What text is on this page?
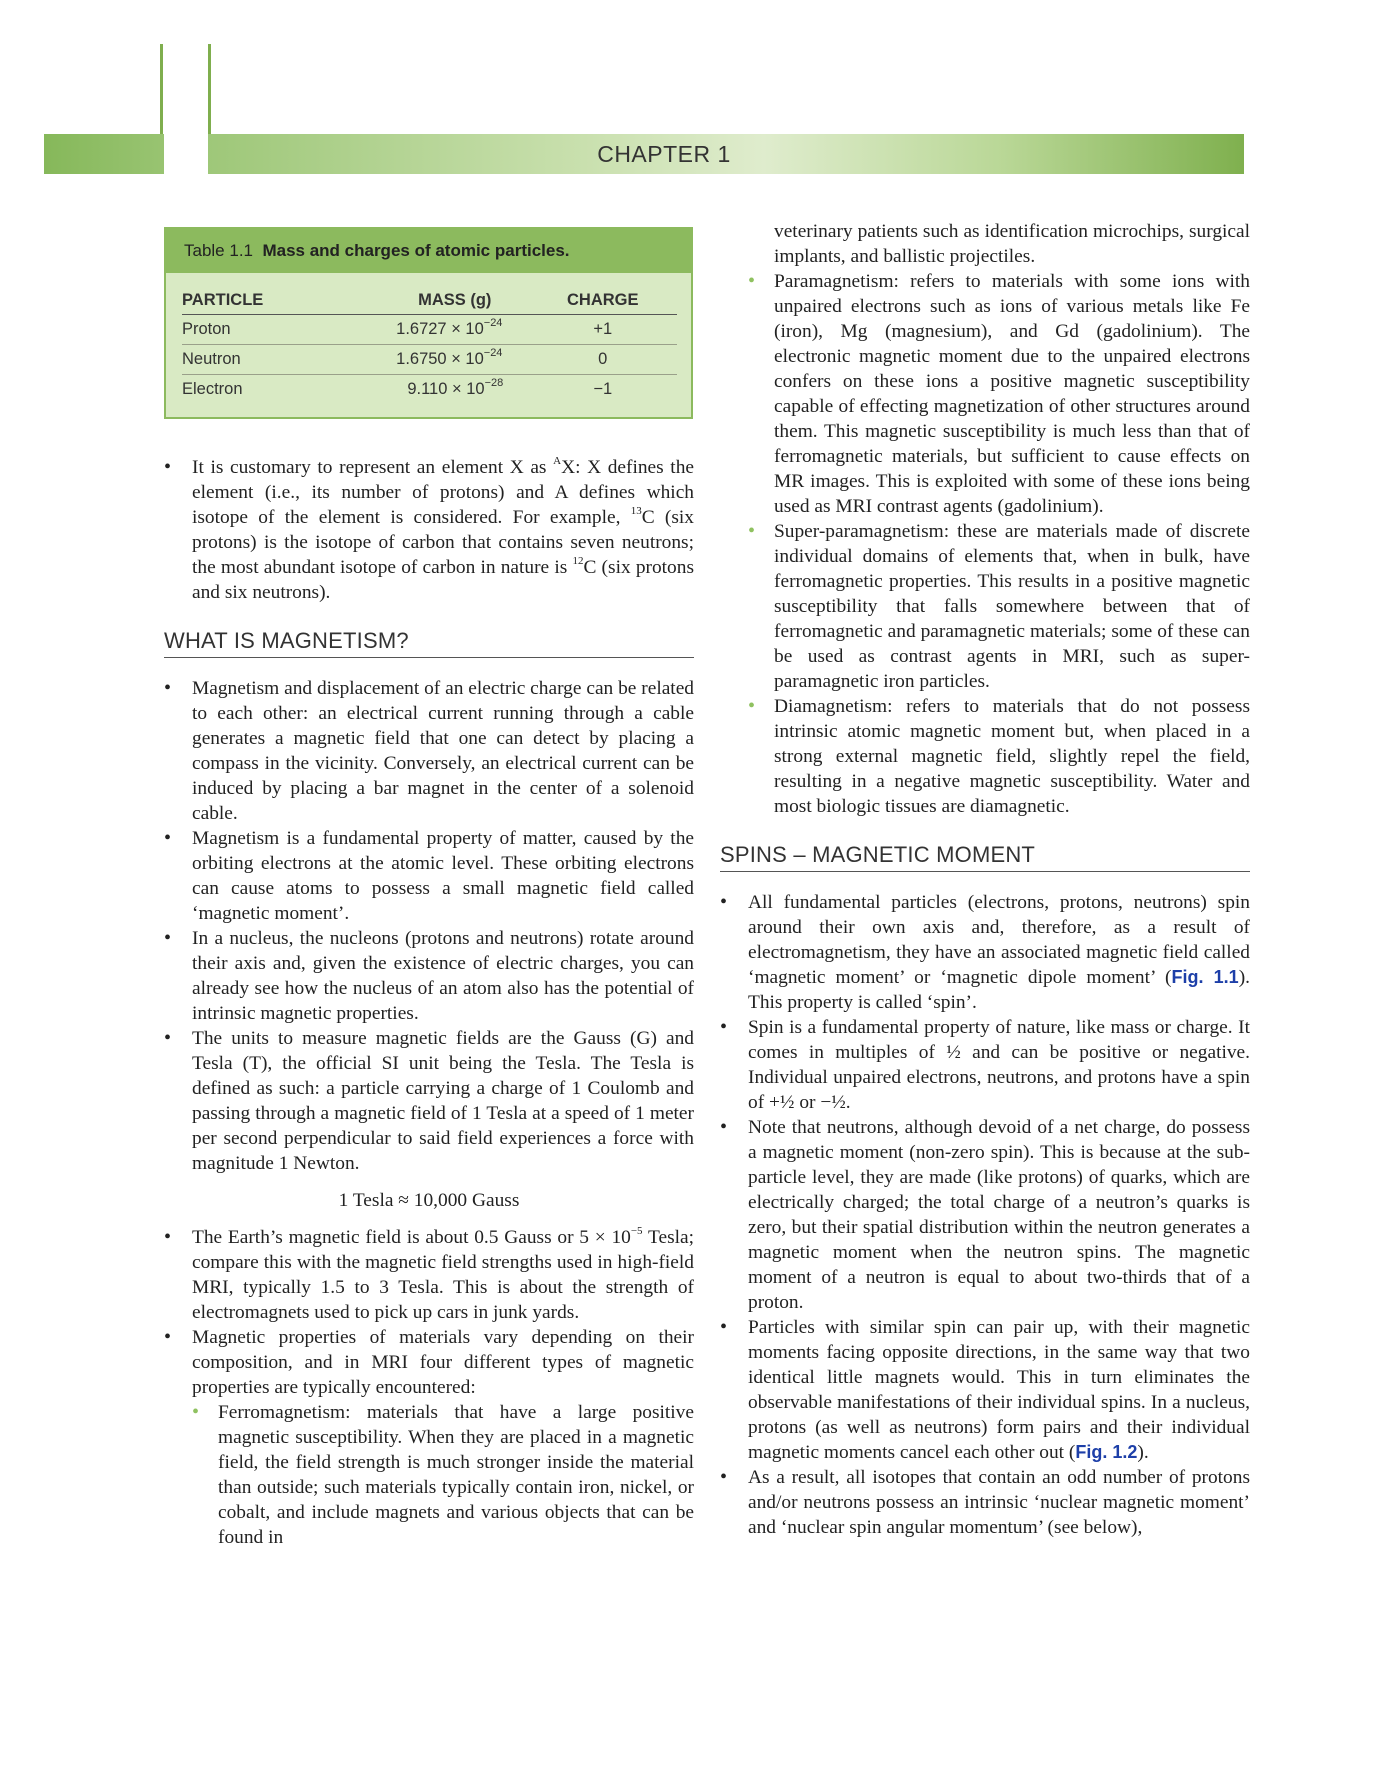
CHAPTER 1
Table 1.1 Mass and charges of atomic particles.
PARTICLE	MASS (g)	CHARGE
Proton	$1.6727 \times 10^{-24}$	+1
Neutron	$1.6750 \times 10^{-24}$	0
Electron	$9.110 \times 10^{-28}$	−1
• It is customary to represent an element X as $^A$X: X defines the element (i.e., its number of protons) and A defines which isotope of the element is considered. For example, $^{13}$C (six protons) is the isotope of carbon that contains seven neutrons; the most abundant isotope of carbon in nature is $^{12}$C (six protons and six neutrons).
WHAT IS MAGNETISM?
• Magnetism and displacement of an electric charge can be related to each other: an electrical current running through a cable generates a magnetic field that one can detect by placing a compass in the vicinity. Conversely, an electrical current can be induced by placing a bar magnet in the center of a solenoid cable.
• Magnetism is a fundamental property of matter, caused by the orbiting electrons at the atomic level. These orbiting electrons can cause atoms to possess a small magnetic field called ‘magnetic moment’.
• In a nucleus, the nucleons (protons and neutrons) rotate around their axis and, given the existence of electric charges, you can already see how the nucleus of an atom also has the potential of intrinsic magnetic properties.
• The units to measure magnetic fields are the Gauss (G) and Tesla (T), the official SI unit being the Tesla. The Tesla is defined as such: a particle carrying a charge of 1 Coulomb and passing through a magnetic field of 1 Tesla at a speed of 1 meter per second perpendicular to said field experiences a force with magnitude 1 Newton.
1 Tesla ≈ 10,000 Gauss
• The Earth’s magnetic field is about 0.5 Gauss or $5 \times 10^{-5}$ Tesla; compare this with the magnetic field strengths used in high-field MRI, typically 1.5 to 3 Tesla. This is about the strength of electromagnets used to pick up cars in junk yards.
• Magnetic properties of materials vary depending on their composition, and in MRI four different types of magnetic properties are typically encountered:
• Ferromagnetism: materials that have a large positive magnetic susceptibility. When they are placed in a magnetic field, the field strength is much stronger inside the material than outside; such materials typically contain iron, nickel, or cobalt, and include magnets and various objects that can be found in
veterinary patients such as identification microchips, surgical implants, and ballistic projectiles.
• Paramagnetism: refers to materials with some ions with unpaired electrons such as ions of various metals like Fe (iron), Mg (magnesium), and Gd (gadolinium). The electronic magnetic moment due to the unpaired electrons confers on these ions a positive magnetic susceptibility capable of effecting magnetization of other structures around them. This magnetic susceptibility is much less than that of ferromagnetic materials, but sufficient to cause effects on MR images. This is exploited with some of these ions being used as MRI contrast agents (gadolinium).
• Super-paramagnetism: these are materials made of discrete individual domains of elements that, when in bulk, have ferromagnetic properties. This results in a positive magnetic susceptibility that falls somewhere between that of ferromagnetic and paramagnetic materials; some of these can be used as contrast agents in MRI, such as super-paramagnetic iron particles.
• Diamagnetism: refers to materials that do not possess intrinsic atomic magnetic moment but, when placed in a strong external magnetic field, slightly repel the field, resulting in a negative magnetic susceptibility. Water and most biologic tissues are diamagnetic.
SPINS – MAGNETIC MOMENT
• All fundamental particles (electrons, protons, neutrons) spin around their own axis and, therefore, as a result of electromagnetism, they have an associated magnetic field called ‘magnetic moment’ or ‘magnetic dipole moment’ (Fig. 1.1). This property is called ‘spin’.
• Spin is a fundamental property of nature, like mass or charge. It comes in multiples of ½ and can be positive or negative. Individual unpaired electrons, neutrons, and protons have a spin of +½ or −½.
• Note that neutrons, although devoid of a net charge, do possess a magnetic moment (non-zero spin). This is because at the sub-particle level, they are made (like protons) of quarks, which are electrically charged; the total charge of a neutron’s quarks is zero, but their spatial distribution within the neutron generates a magnetic moment when the neutron spins. The magnetic moment of a neutron is equal to about two-thirds that of a proton.
• Particles with similar spin can pair up, with their magnetic moments facing opposite directions, in the same way that two identical little magnets would. This in turn eliminates the observable manifestations of their individual spins. In a nucleus, protons (as well as neutrons) form pairs and their individual magnetic moments cancel each other out (Fig. 1.2).
• As a result, all isotopes that contain an odd number of protons and/or neutrons possess an intrinsic ‘nuclear magnetic moment’ and ‘nuclear spin angular momentum’ (see below),
